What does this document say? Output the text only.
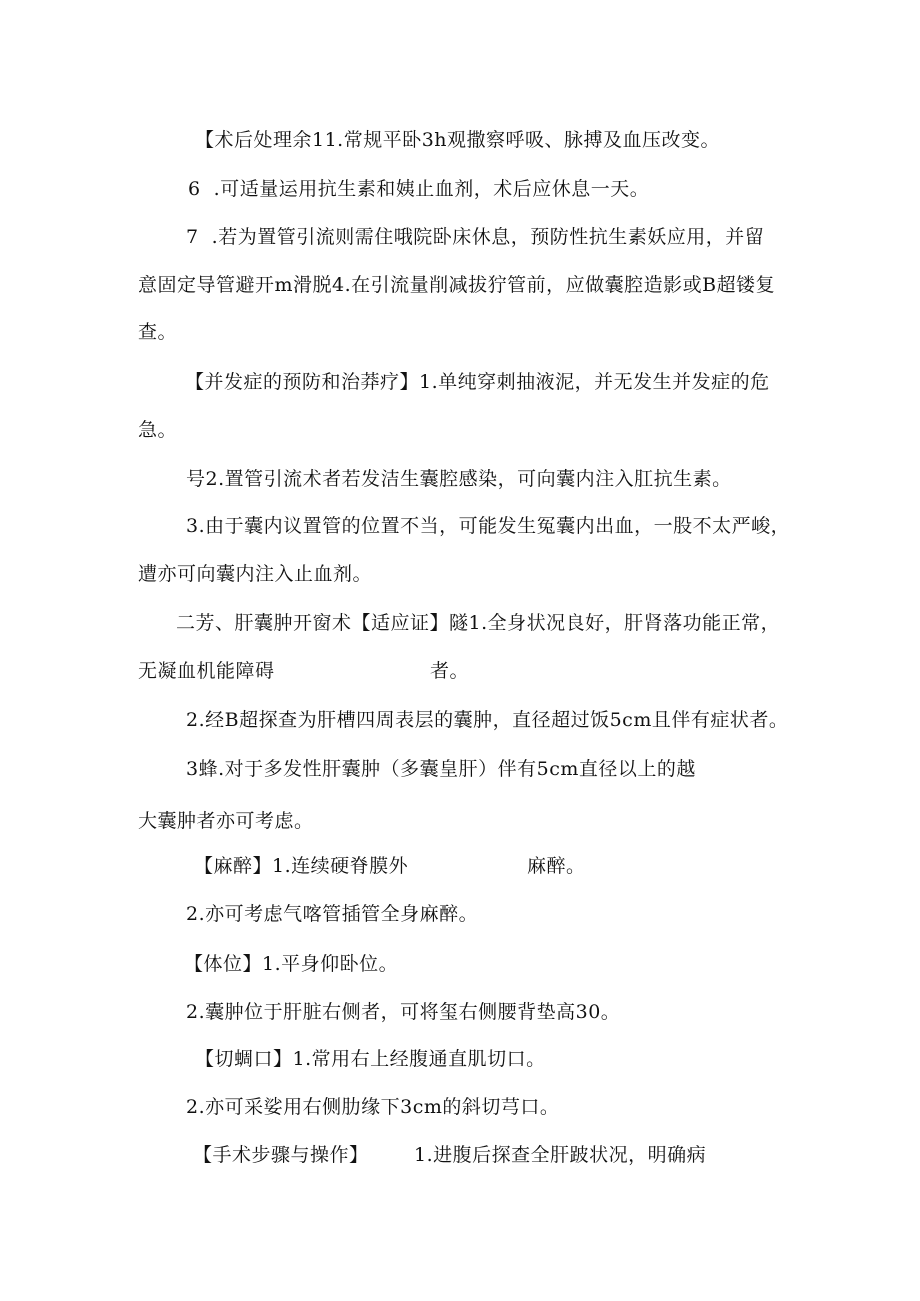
【术后处理余11.常规平卧3h观撒察呼吸、脉搏及血压改变。
6  .可适量运用抗生素和姨止血剂，术后应休息一天。
7  .若为置管引流则需住哦院卧床休息，预防性抗生素妖应用，并留
意固定导管避开m滑脱4.在引流量削减拔狞管前，应做囊腔造影或B超镂复
查。
【并发症的预防和治莽疗】1.单纯穿刺抽液泥，并无发生并发症的危
急。
号2.置管引流术者若发洁生囊腔感染，可向囊内注入肛抗生素。
3.由于囊内议置管的位置不当，可能发生冤囊内出血，一股不太严峻，
遭亦可向囊内注入止血剂。
二芳、肝囊肿开窗术【适应证】隧1.全身状况良好，肝肾落功能正常，
无凝血机能障碍	者。
2.经B超探查为肝槽四周表层的囊肿，直径超过饭5cm且伴有症状者。
3蜂.对于多发性肝囊肿（多囊皇肝）伴有5cm直径以上的越
大囊肿者亦可考虑。
【麻醉】1.连续硬脊膜外	麻醉。
2.亦可考虑气喀管插管全身麻醉。
【体位】1.平身仰卧位。
2.囊肿位于肝脏右侧者，可将玺右侧腰背垫高30。
【切蜩口】1.常用右上经腹通直肌切口。
2.亦可采娑用右侧肋缘下3cm的斜切芎口。
【手术步骤与操作】 1.进腹后探查全肝跛状况，明确病
